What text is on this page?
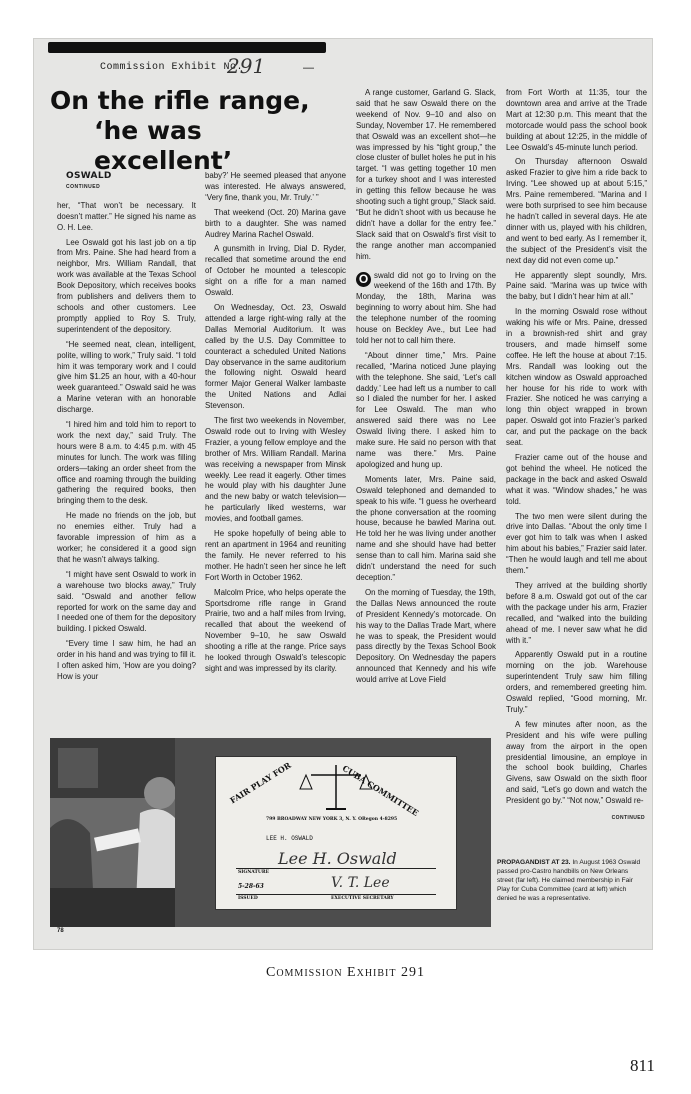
Commission Exhibit No.
291	—
On the rifle range,
‘he was excellent’

OSWALD

CONTINUED

her, “That won’t be necessary. It doesn’t matter.” He signed his name as O. H. Lee.

Lee Oswald got his last job on a tip from Mrs. Paine. She had heard from a neighbor, Mrs. William Randall, that work was available at the Texas School Book Depository, which receives books from publishers and delivers them to schools and other customers. Lee promptly applied to Roy S. Truly, superintendent of the depository.

“He seemed neat, clean, intelligent, polite, willing to work,” Truly said. “I told him it was temporary work and I could give him $1.25 an hour, with a 40-hour week guaranteed.” Oswald said he was a Marine veteran with an honorable discharge.

“I hired him and told him to report to work the next day,” said Truly. The hours were 8 a.m. to 4:45 p.m. with 45 minutes for lunch. The work was filling orders—taking an order sheet from the office and roaming through the building gathering the required books, then bringing them to the desk.

He made no friends on the job, but no enemies either. Truly had a favorable impression of him as a worker; he considered it a good sign that he wasn’t always talking.

“I might have sent Oswald to work in a warehouse two blocks away,” Truly said. “Oswald and another fellow reported for work on the same day and I needed one of them for the depository building. I picked Oswald.

“Every time I saw him, he had an order in his hand and was trying to fill it. I often asked him, ‘How are you doing? How is your

baby?’ He seemed pleased that anyone was interested. He always answered, ‘Very fine, thank you, Mr. Truly.’ ”

That weekend (Oct. 20) Marina gave birth to a daughter. She was named Audrey Marina Rachel Oswald.

A gunsmith in Irving, Dial D. Ryder, recalled that sometime around the end of October he mounted a telescopic sight on a rifle for a man named Oswald.

On Wednesday, Oct. 23, Oswald attended a large right-wing rally at the Dallas Memorial Auditorium. It was called by the U.S. Day Committee to counteract a scheduled United Nations Day observance in the same auditorium the following night. Oswald heard former Major General Walker lambaste the United Nations and Adlai Stevenson.

The first two weekends in November, Oswald rode out to Irving with Wesley Frazier, a young fellow employe and the brother of Mrs. William Randall. Marina was receiving a newspaper from Minsk weekly. Lee read it eagerly. Other times he would play with his daughter June and the new baby or watch television—he particularly liked westerns, war movies, and football games.

He spoke hopefully of being able to rent an apartment in 1964 and reuniting the family. He never referred to his mother. He hadn’t seen her since he left Fort Worth in October 1962.

Malcolm Price, who helps operate the Sportsdrome rifle range in Grand Prairie, two and a half miles from Irving, recalled that about the weekend of November 9–10, he saw Oswald shooting a rifle at the range. Price says he looked through Oswald’s telescopic sight and was impressed by its clarity.

A range customer, Garland G. Slack, said that he saw Oswald there on the weekend of Nov. 9–10 and also on Sunday, November 17. He remembered that Oswald was an excellent shot—he was impressed by his “tight group,” the close cluster of bullet holes he put in his target. “I was getting together 10 men for a turkey shoot and I was interested in getting this fellow because he was shooting such a tight group,” Slack said. “But he didn’t shoot with us because he didn’t have a dollar for the entry fee.” Slack said that on Oswald’s first visit to the range another man accompanied him.

O swald did not go to Irving on the weekend of the 16th and 17th. By Monday, the 18th, Marina was beginning to worry about him. She had the telephone number of the rooming house on Beckley Ave., but Lee had told her not to call him there.

“About dinner time,” Mrs. Paine recalled, “Marina noticed June playing with the telephone. She said, ‘Let’s call daddy.’ Lee had left us a number to call so I dialed the number for her. I asked for Lee Oswald. The man who answered said there was no Lee Oswald living there. I asked him to make sure. He said no person with that name was there.” Mrs. Paine apologized and hung up.

Moments later, Mrs. Paine said, Oswald telephoned and demanded to speak to his wife. “I guess he overheard the phone conversation at the rooming house, because he bawled Marina out. He told her he was living under another name and she should have had better sense than to call him. Marina said she didn’t understand the need for such deception.”

On the morning of Tuesday, the 19th, the Dallas News announced the route of President Kennedy’s motorcade. On his way to the Dallas Trade Mart, where he was to speak, the President would pass directly by the Texas School Book Depository. On Wednesday the papers announced that Kennedy and his wife would arrive at Love Field

from Fort Worth at 11:35, tour the downtown area and arrive at the Trade Mart at 12:30 p.m. This meant that the motorcade would pass the school book building at about 12:25, in the middle of Lee Oswald’s 45-minute lunch period.

On Thursday afternoon Oswald asked Frazier to give him a ride back to Irving. “Lee showed up at about 5:15,” Mrs. Paine remembered. “Marina and I were both surprised to see him because he hadn’t called in several days. He ate dinner with us, played with his children, and went to bed early. As I remember it, the subject of the President’s visit the next day did not even come up.”

He apparently slept soundly, Mrs. Paine said. “Marina was up twice with the baby, but I didn’t hear him at all.”

In the morning Oswald rose without waking his wife or Mrs. Paine, dressed in a brownish-red shirt and gray trousers, and made himself some coffee. He left the house at about 7:15. Mrs. Randall was looking out the kitchen window as Oswald approached her house for his ride to work with Frazier. She noticed he was carrying a long thin object wrapped in brown paper. Oswald got into Frazier’s parked car, and put the package on the back seat.

Frazier came out of the house and got behind the wheel. He noticed the package in the back and asked Oswald what it was. “Window shades,” he was told.

The two men were silent during the drive into Dallas. “About the only time I ever got him to talk was when I asked him about his babies,” Frazier said later. “Then he would laugh and tell me about them.”

They arrived at the building shortly before 8 a.m. Oswald got out of the car with the package under his arm, Frazier recalled, and “walked into the building ahead of me. I never saw what he did with it.”

Apparently Oswald put in a routine morning on the job. Warehouse superintendent Truly saw him filling orders, and remembered greeting him. Oswald replied, “Good morning, Mr. Truly.”

A few minutes after noon, as the President and his wife were pulling away from the airport in the open presidential limousine, an employe in the school book building, Charles Givens, saw Oswald on the sixth floor and said, “Let’s go down and watch the President go by.” “Not now,” Oswald re-

CONTINUED

FAIR PLAY FOR	CUBA COMMITTEE
799 BROADWAY NEW YORK 3, N. Y. ORegon 4-8295
LEE H. OSWALD
Lee H. Oswald
SIGNATURE
5-28-63	V. T. Lee
ISSUED	EXECUTIVE SECRETARY
PROPAGANDIST AT 23. In August 1963 Oswald passed pro-Castro handbills on New Orleans street (far left). He claimed membership in Fair Play for Cuba Committee (card at left) which denied he was a representative.
78
Commission Exhibit 291
811
